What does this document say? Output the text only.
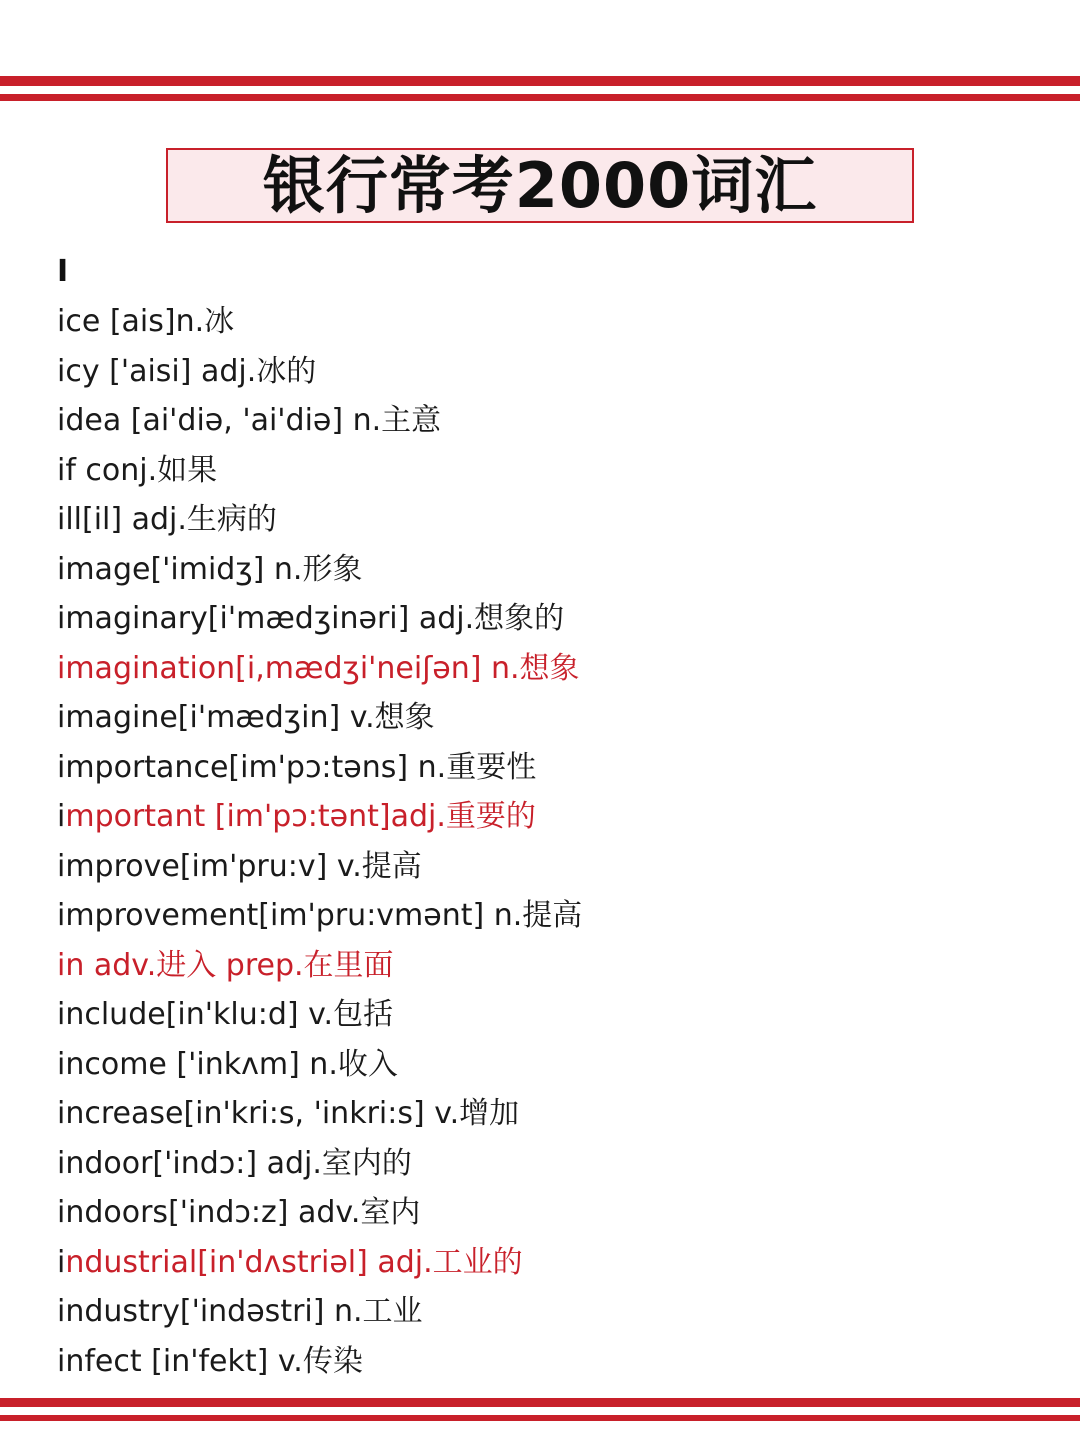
银行常考2000词汇
I
ice [ais]n.冰
icy ['aisi] adj.冰的
idea [ai'diə, 'ai'diə] n.主意
if conj.如果
ill[il] adj.生病的
image['imidʒ] n.形象
imaginary[i'mædʒinəri] adj.想象的
imagination[i,mædʒi'neiʃən] n.想象
imagine[i'mædʒin] v.想象
importance[im'pɔ:təns] n.重要性
important [im'pɔ:tənt]adj.重要的
improve[im'pru:v] v.提高
improvement[im'pru:vmənt] n.提高
in adv.进入 prep.在里面
include[in'klu:d] v.包括
income ['inkʌm] n.收入
increase[in'kri:s, 'inkri:s] v.增加
indoor['indɔ:] adj.室内的
indoors['indɔ:z] adv.室内
industrial[in'dʌstriəl] adj.工业的
industry['indəstri] n.工业
infect [in'fekt] v.传染
